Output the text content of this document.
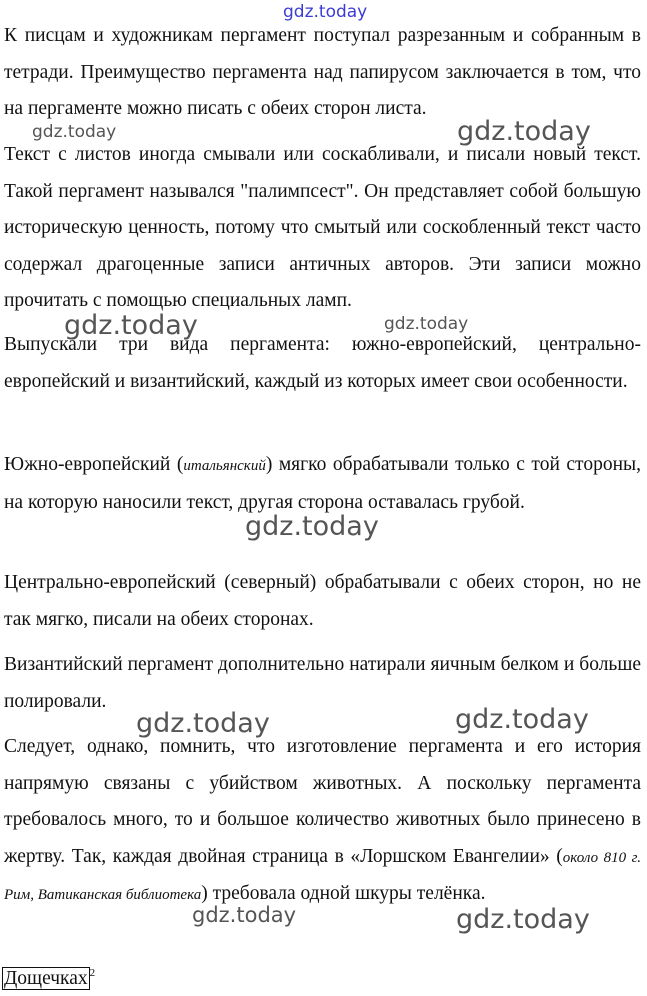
gdz.today

К писцам и художникам пергамент поступал разрезанным и собранным в тетради. Преимущество пергамента над папирусом заключается в том, что на пергаменте можно писать с обеих сторон листа.

gdz.today	gdz.today

Текст с листов иногда смывали или соскабливали, и писали новый текст. Такой пергамент назывался "палимпсест". Он представляет собой большую историческую ценность, потому что смытый или соскобленный текст часто содержал драгоценные записи античных авторов. Эти записи можно прочитать с помощью специальных ламп.

gdz.today	gdz.today

Выпускали три вида пергамента: южно-европейский, центрально-европейский и византийский, каждый из которых имеет свои особенности.

Южно-европейский (итальянский) мягко обрабатывали только с той стороны, на которую наносили текст, другая сторона оставалась грубой.

gdz.today

Центрально-европейский (северный) обрабатывали с обеих сторон, но не так мягко, писали на обеих сторонах.

Византийский пергамент дополнительно натирали яичным белком и больше полировали.

gdz.today	gdz.today

Следует, однако, помнить, что изготовление пергамента и его история напрямую связаны с убийством животных. А поскольку пергамента требовалось много, то и большое количество животных было принесено в жертву. Так, каждая двойная страница в «Лоршском Евангелии» (около 810 г. Рим, Ватиканская библиотека) требовала одной шкуры телёнка.

gdz.today	gdz.today
Дощечках $^2$
